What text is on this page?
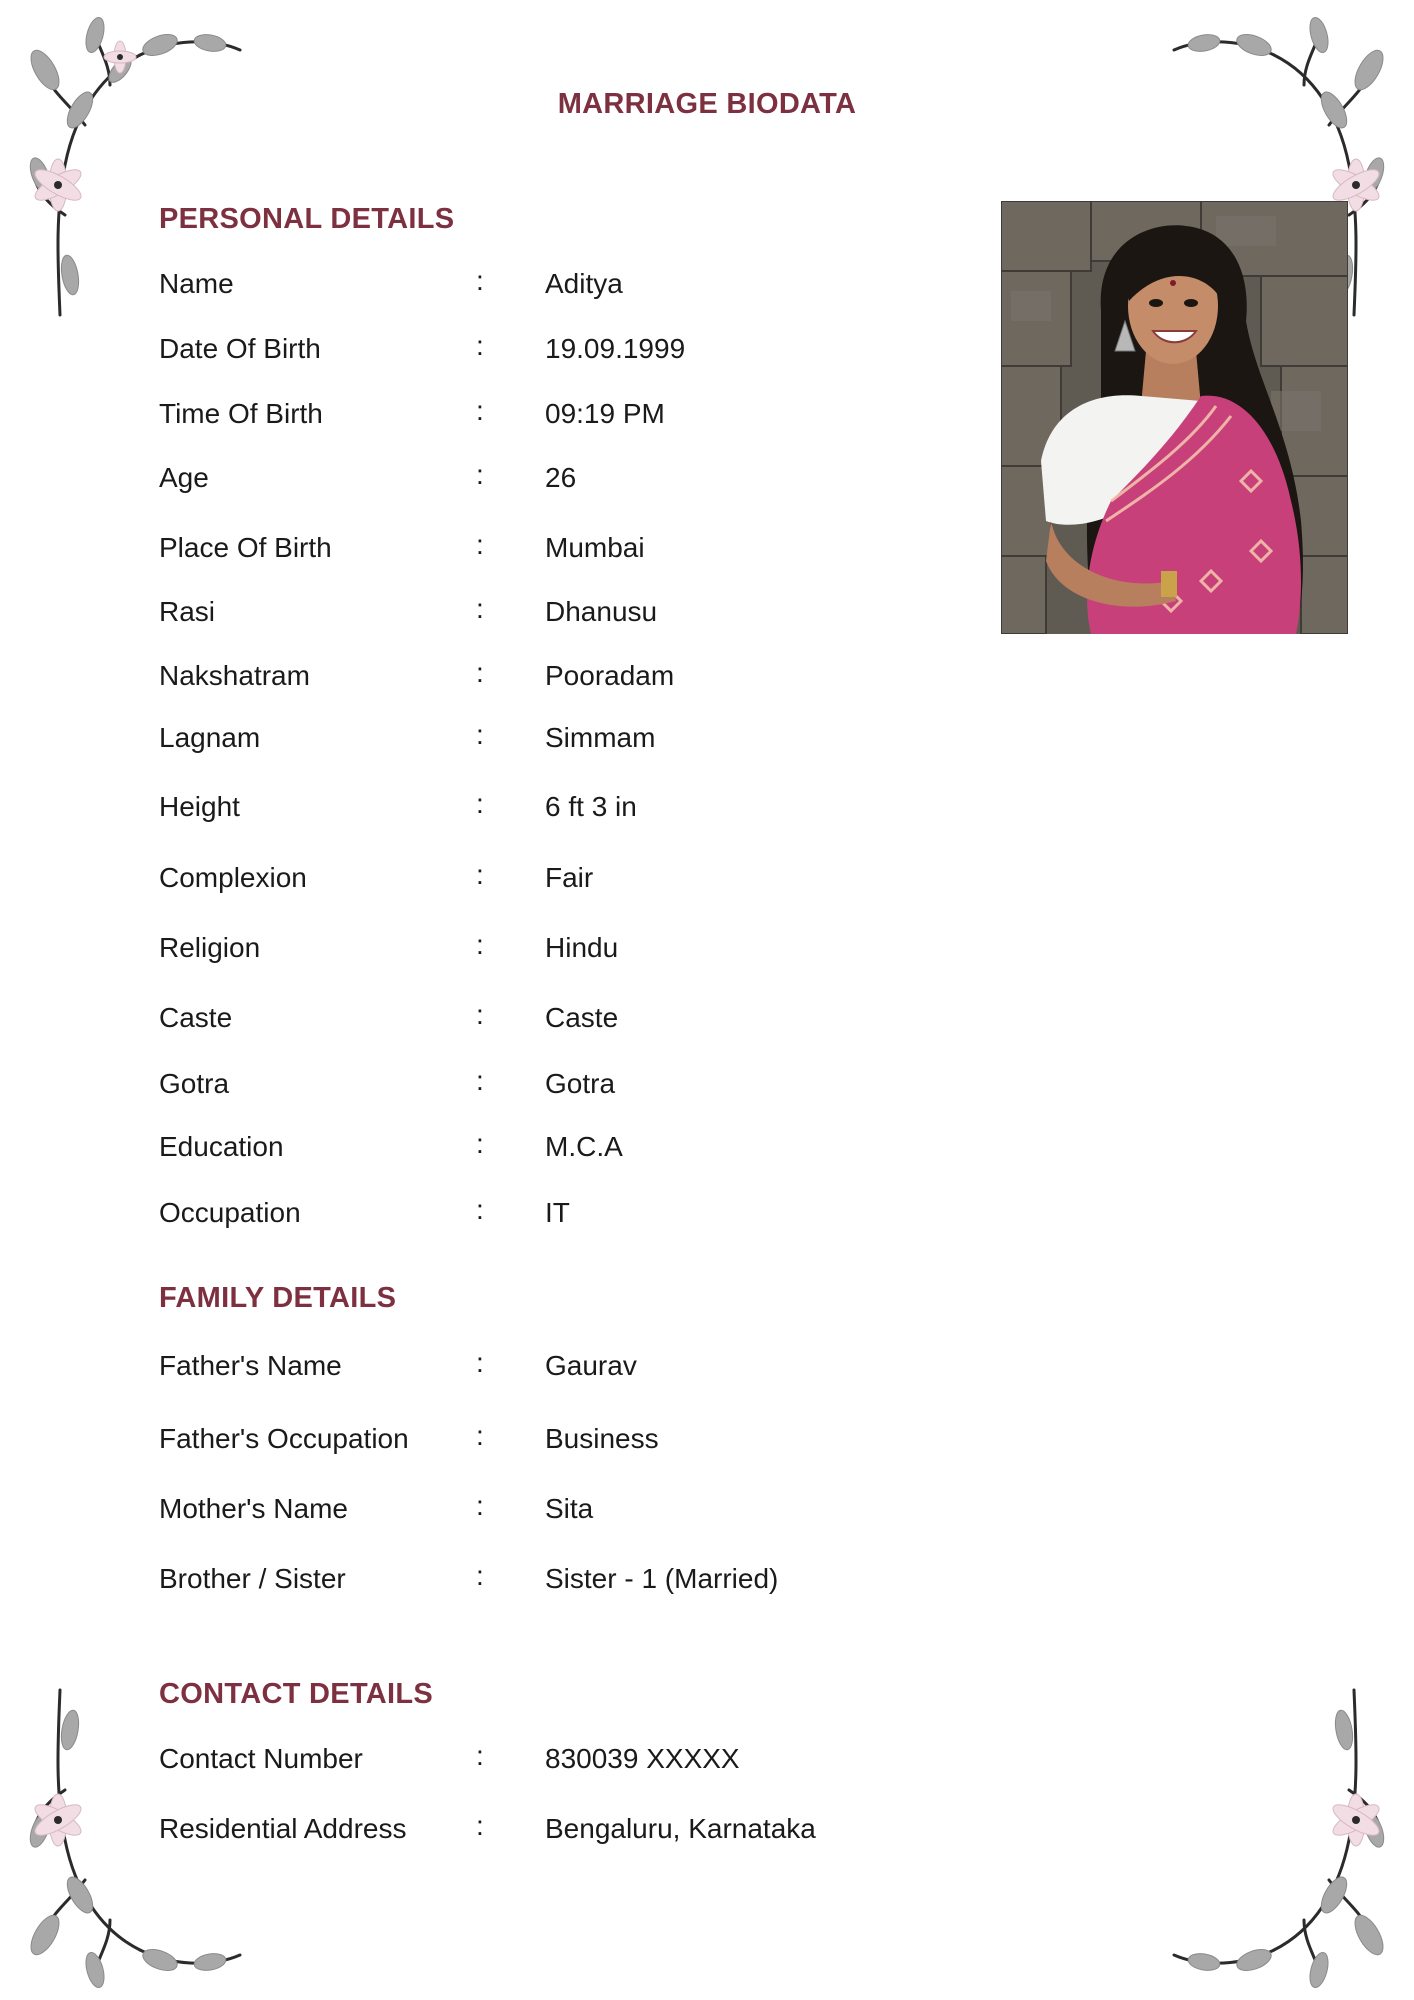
MARRIAGE BIODATA
PERSONAL DETAILS
Name	: Aditya
Date Of Birth	: 19.09.1999
Time Of Birth	: 09:19 PM
Age	: 26
Place Of Birth	: Mumbai
Rasi	: Dhanusu
Nakshatram	: Pooradam
Lagnam	: Simmam
Height	: 6 ft 3 in
Complexion	: Fair
Religion	: Hindu
Caste	: Caste
Gotra	: Gotra
Education	: M.C.A
Occupation	: IT
FAMILY DETAILS
Father's Name	: Gaurav
Father's Occupation : Business
Mother's Name	: Sita
Brother / Sister	: Sister - 1 (Married)
CONTACT DETAILS
Contact Number	: 830039 XXXXX
Residential Address : Bengaluru, Karnataka
